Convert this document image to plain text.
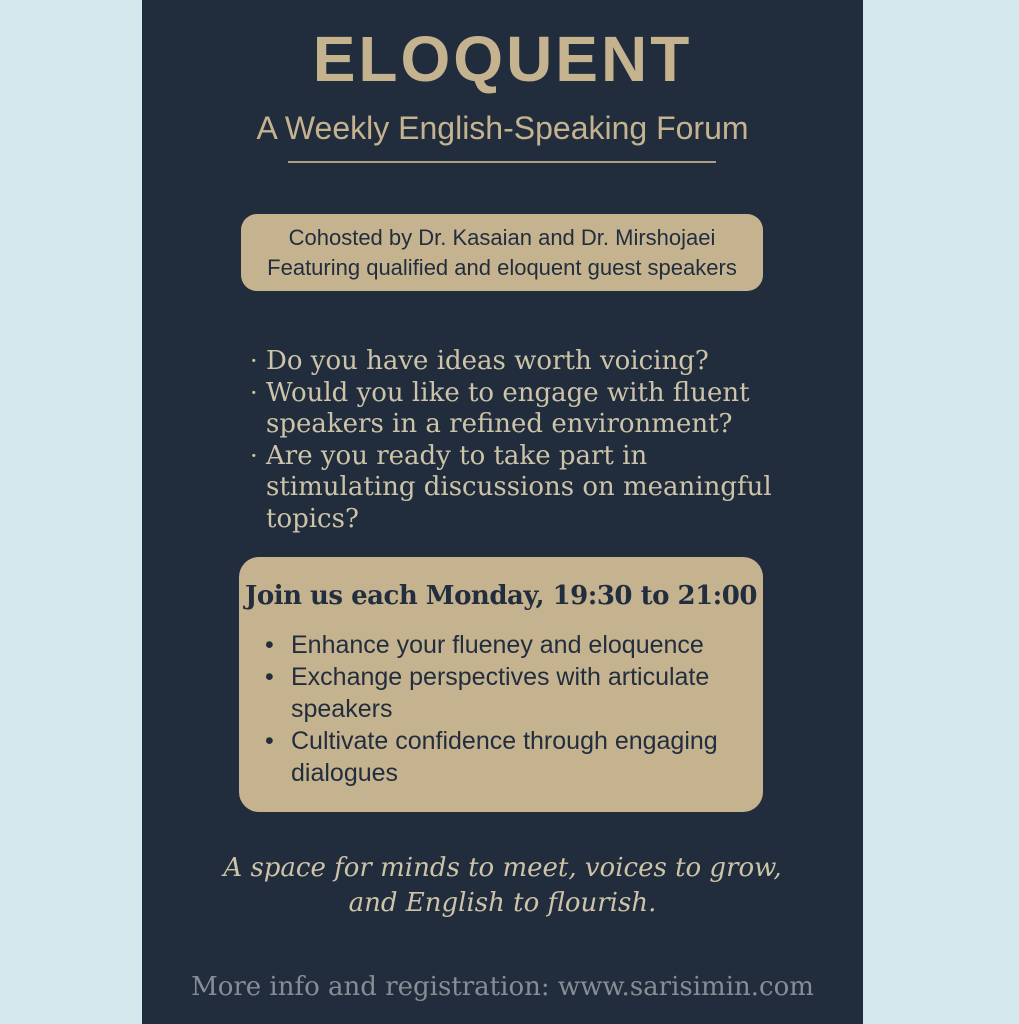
ELOQUENT
A Weekly English-Speaking Forum
Cohosted by Dr. Kasaian and Dr. Mirshojaei
Featuring qualified and eloquent guest speakers
· Do you have ideas worth voicing?
· Would you like to engage with fluent speakers in a refined environment?
· Are you ready to take part in stimulating discussions on meaningful topics?
Join us each Monday, 19:30 to 21:00
• Enhance your flueney and eloquence
• Exchange perspectives with articulate speakers
• Cultivate confidence through engaging dialogues
A space for minds to meet, voices to grow,
and English to flourish.
More info and registration: www.sarisimin.com
